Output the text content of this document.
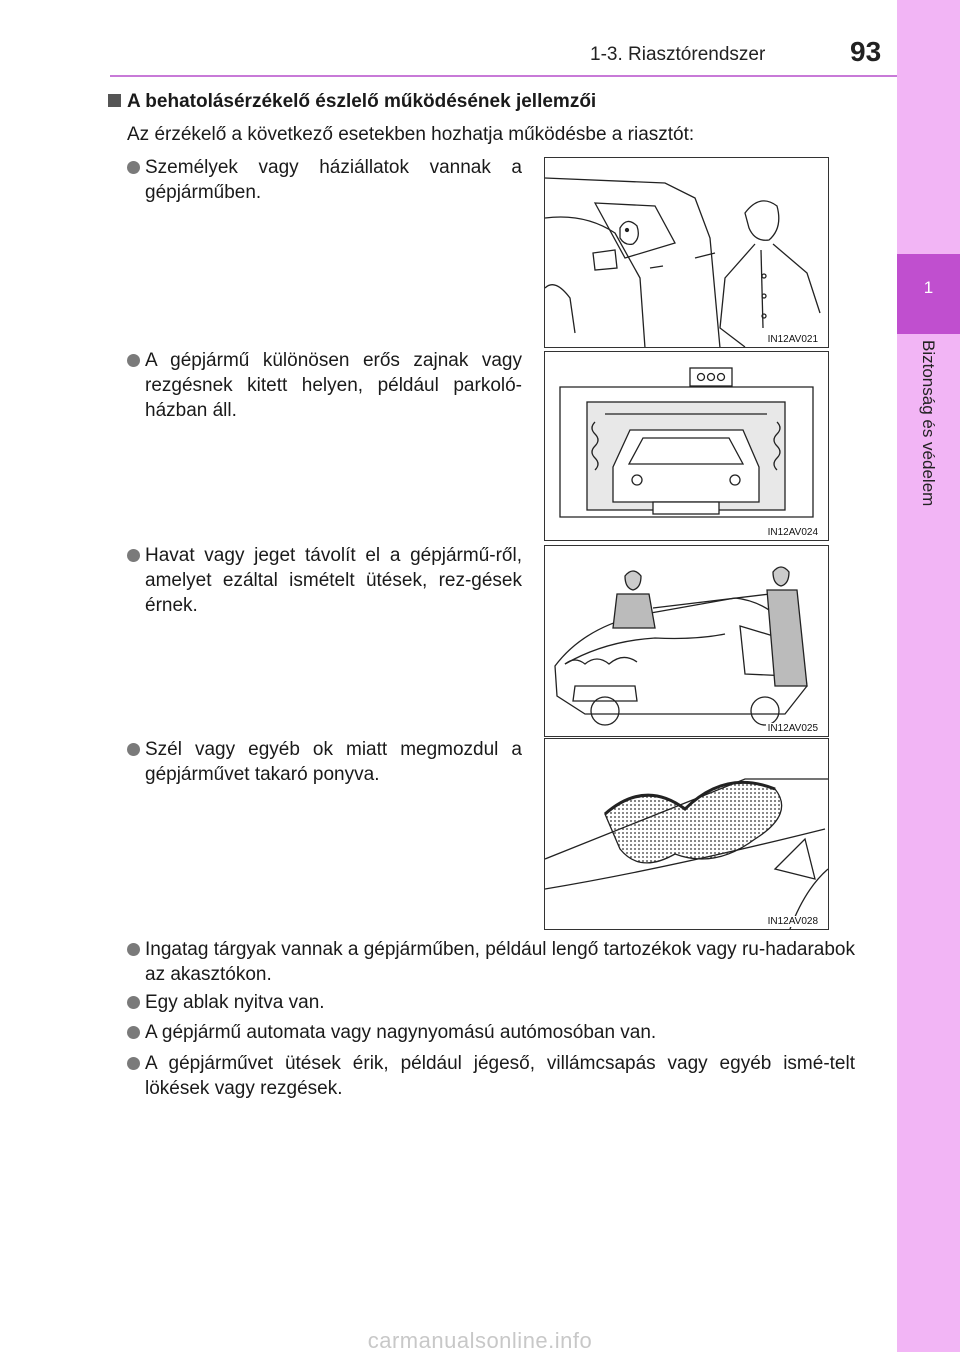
1-3. Riasztórendszer	93
1
Biztonság és védelem
A behatolásérzékelő észlelő működésének jellemzői
Az érzékelő a következő esetekben hozhatja működésbe a riasztót:
Személyek vagy háziállatok vannak a gépjárműben.
A gépjármű különösen erős zajnak vagy rezgésnek kitett helyen, például parkoló-házban áll.
Havat vagy jeget távolít el a gépjármű-ről, amelyet ezáltal ismételt ütések, rez-gések érnek.
Szél vagy egyéb ok miatt megmozdul a gépjárművet takaró ponyva.
IN12AV021
IN12AV024
IN12AV025
IN12AV028
Ingatag tárgyak vannak a gépjárműben, például lengő tartozékok vagy ru-hadarabok az akasztókon.
Egy ablak nyitva van.
A gépjármű automata vagy nagynyomású autómosóban van.
A gépjárművet ütések érik, például jégeső, villámcsapás vagy egyéb ismé-telt lökések vagy rezgések.
carmanualsonline.info
